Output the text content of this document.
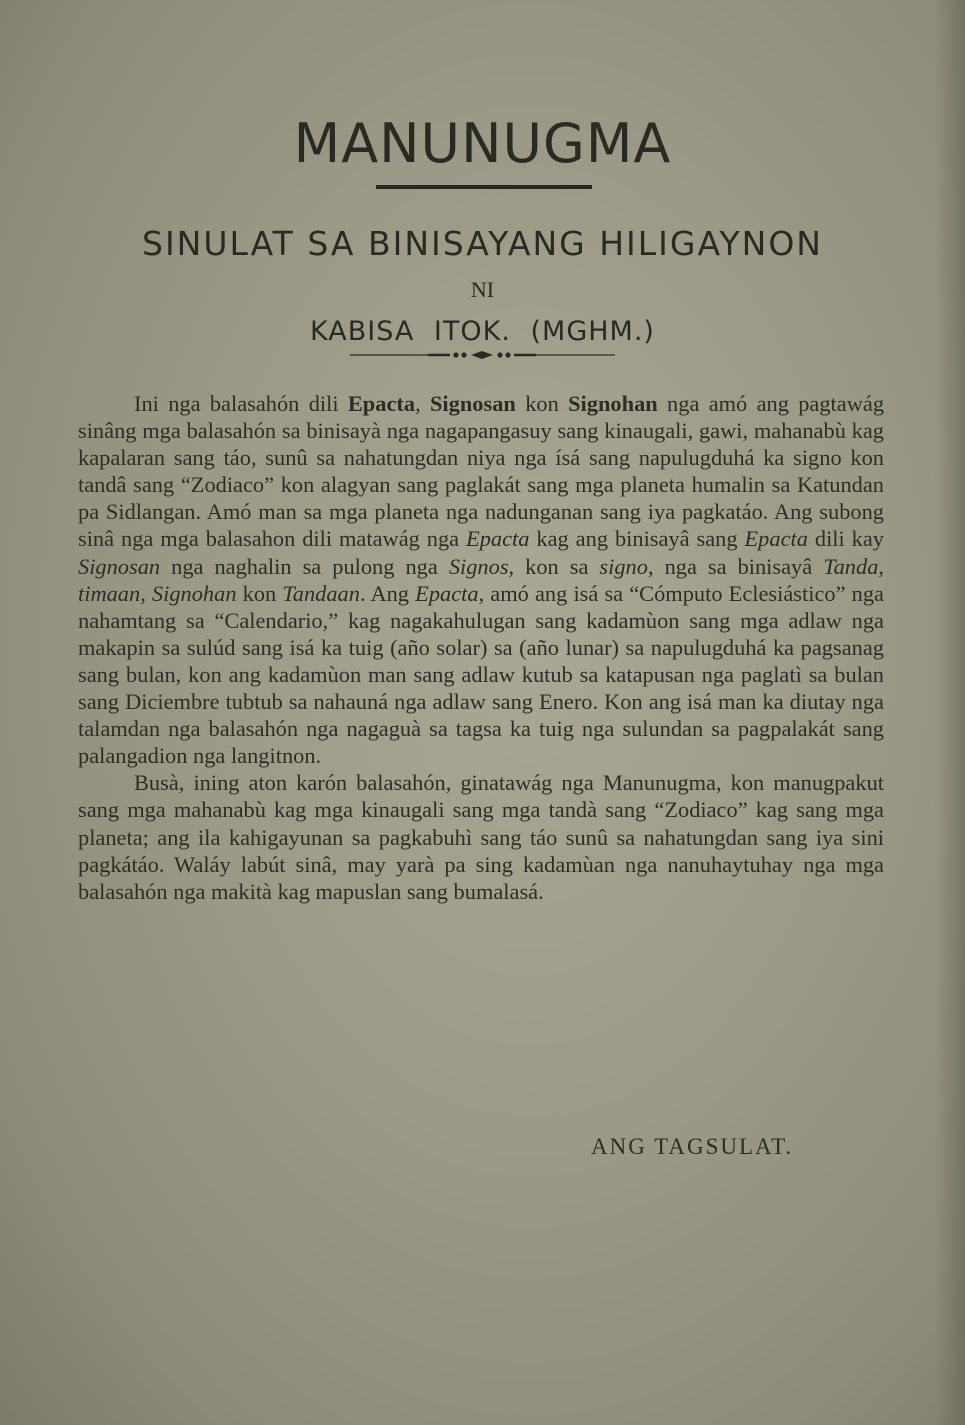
MANUNUGMA
SINULAT SA BINISAYANG HILIGAYNON
NI
KABISA ITOK. (MGHM.)

Ini nga balasahón dili Epacta, Signosan kon Signohan nga amó ang pagtawág sinâng mga balasahón sa binisayà nga nagapangasuy sang kinaugali, gawi, mahanabù kag kapalaran sang táo, sunû sa nahatungdan niya nga ísá sang napulugduhá ka signo kon tandâ sang “Zodiaco” kon alagyan sang paglakát sang mga planeta humalin sa Katundan pa Sidlangan. Amó man sa mga planeta nga nadunganan sang iya pagkatáo. Ang subong sinâ nga mga balasahon dili matawág nga Epacta kag ang binisayâ sang Epacta dili kay Signosan nga naghalin sa pulong nga Signos, kon sa signo, nga sa binisayâ Tanda, timaan, Signohan kon Tandaan. Ang Epacta, amó ang isá sa “Cómputo Eclesiástico” nga nahamtang sa “Calendario,” kag nagakahulugan sang kadamùon sang mga adlaw nga makapin sa sulúd sang isá ka tuig (año solar) sa (año lunar) sa napulugduhá ka pagsanag sang bulan, kon ang kadamùon man sang adlaw kutub sa katapusan nga paglatì sa bulan sang Diciembre tubtub sa nahauná nga adlaw sang Enero. Kon ang isá man ka diutay nga talamdan nga balasahón nga nagaguà sa tagsa ka tuig nga sulundan sa pagpalakát sang palangadion nga langitnon.

Busà, ining aton karón balasahón, ginatawág nga Manunugma, kon manugpakut sang mga mahanabù kag mga kinaugali sang mga tandà sang “Zodiaco” kag sang mga planeta; ang ila kahigayunan sa pagkabuhì sang táo sunû sa nahatungdan sang iya sini pagkátáo. Waláy labút sinâ, may yarà pa sing kadamùan nga nanuhaytuhay nga mga balasahón nga makità kag mapuslan sang bumalasá.

ANG TAGSULAT.
